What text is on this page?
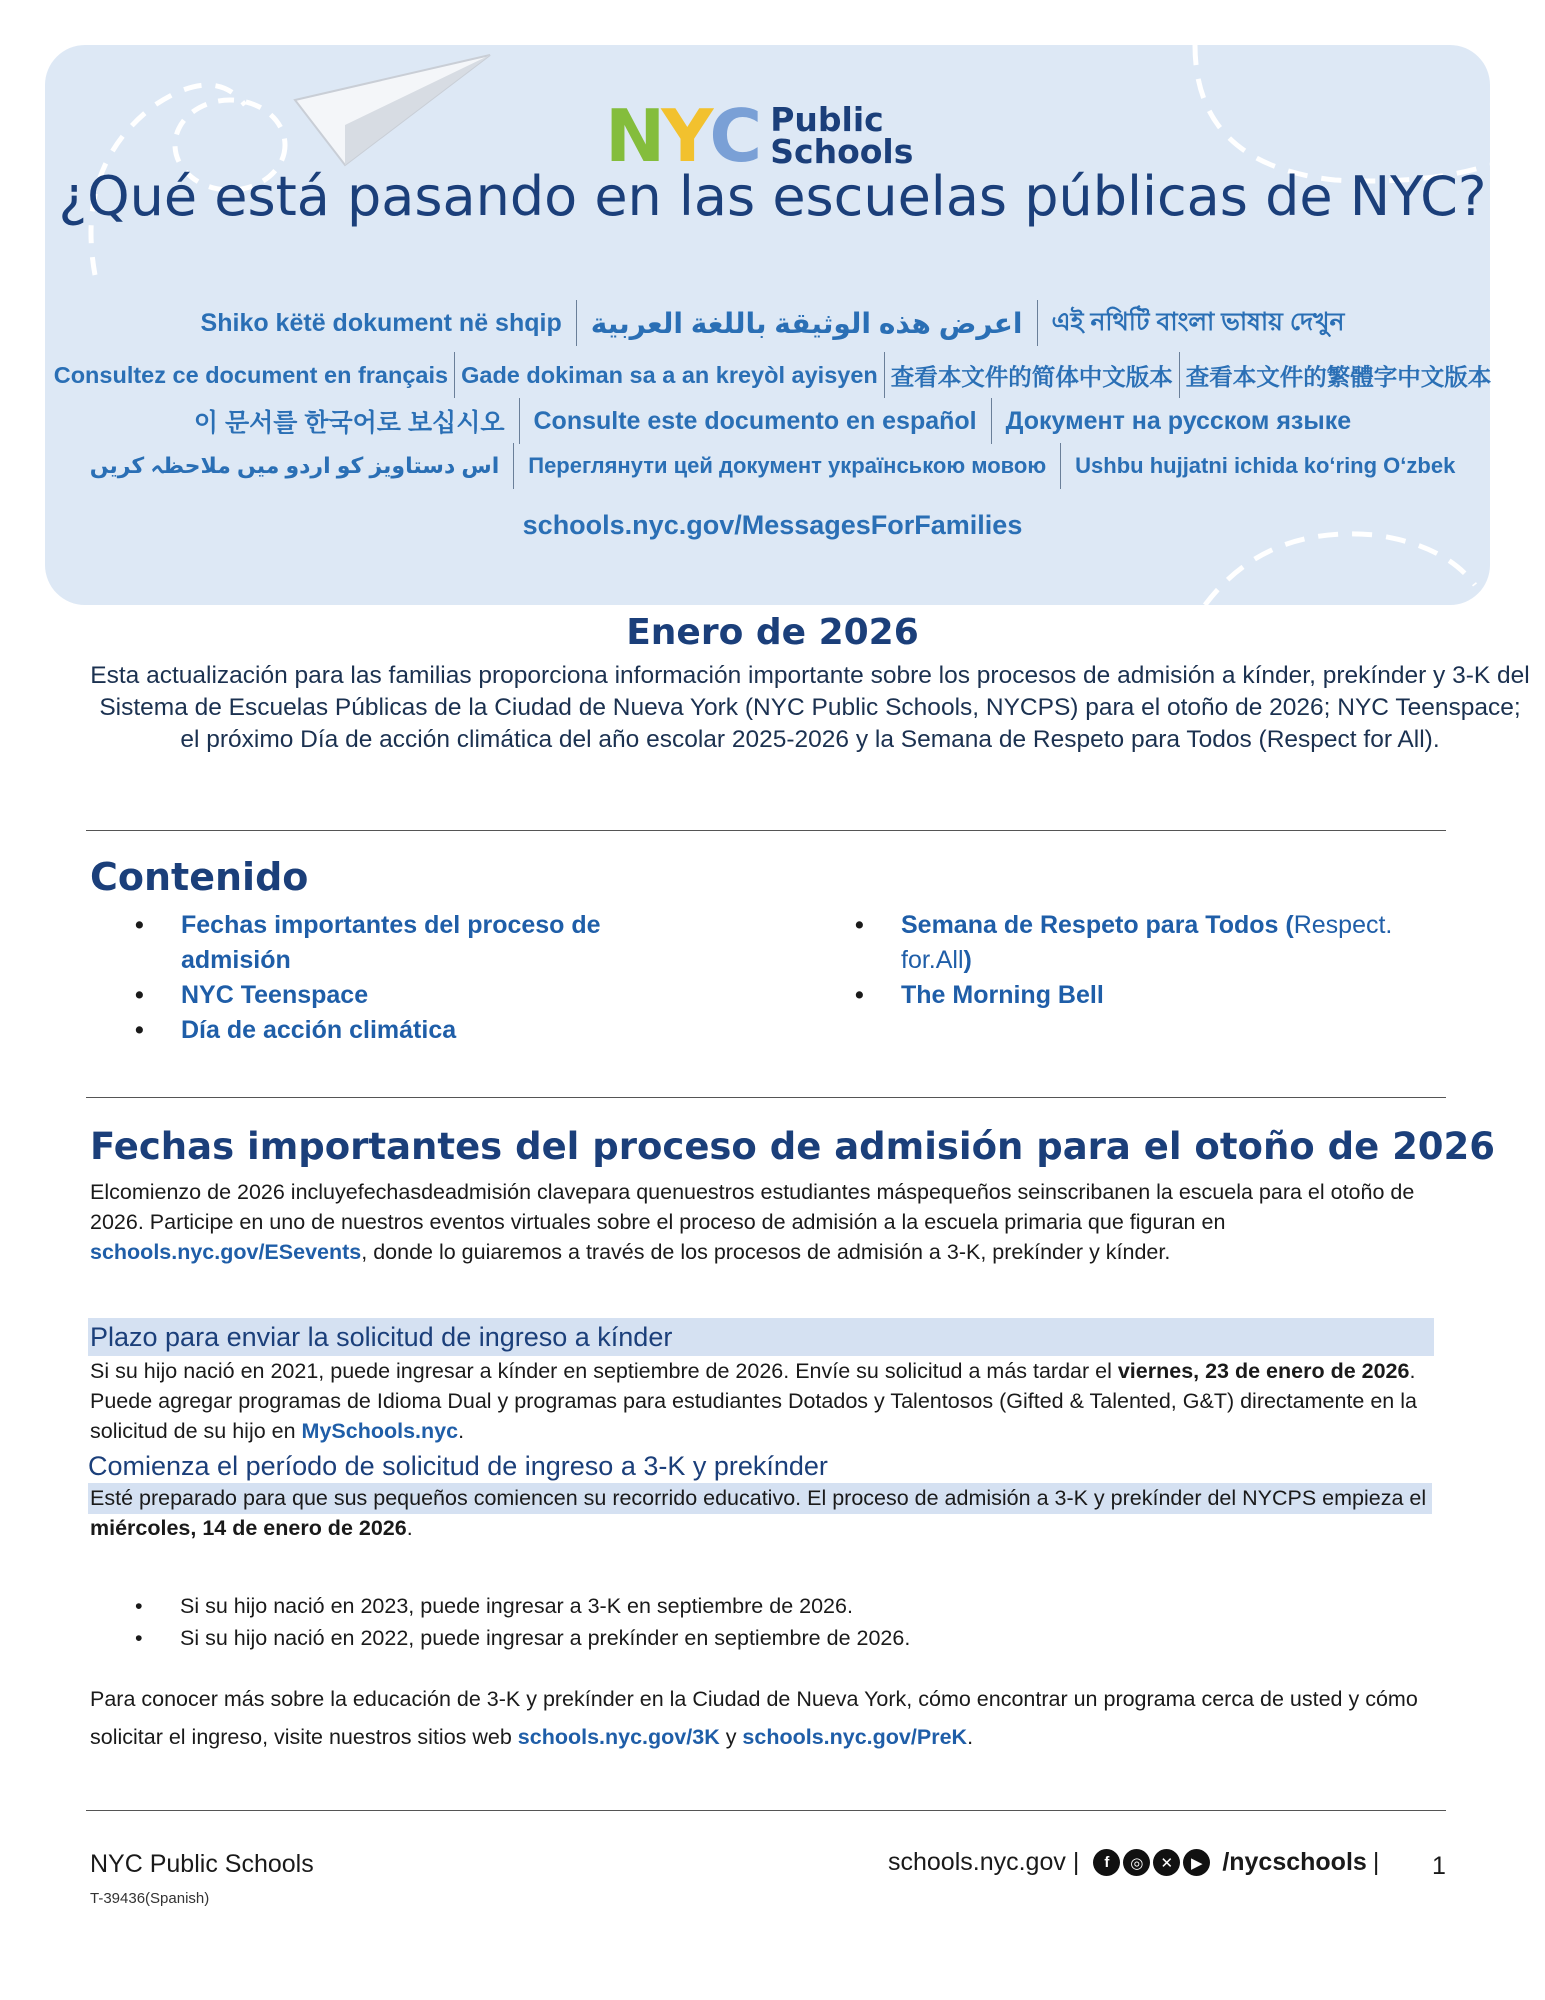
N Y C Public
Schools
¿Qué está pasando en las escuelas públicas de NYC?
Shiko këtë dokument në shqip	اعرض هذه الوثيقة باللغة العربية	এই নথিটি বাংলা ভাষায় দেখুন
Consultez ce document en français Gade dokiman sa a an kreyòl ayisyen 查看本文件的简体中文版本 查看本文件的繁體字中文版本
이 문서를 한국어로 보십시오	Consulte este documento en español	Документ на русском языке
اس دستاویز کو اردو میں ملاحظہ کریں	Переглянути цей документ українською мовою	Ushbu hujjatni ichida ko‘ring O‘zbek
schools.nyc.gov/MessagesForFamilies
Enero de 2026
Esta actualización para las familias proporciona información importante sobre los procesos de admisión a kínder, prekínder y 3-K del Sistema de Escuelas Públicas de la Ciudad de Nueva York (NYC Public Schools, NYCPS) para el otoño de 2026; NYC Teenspace; el próximo Día de acción climática del año escolar 2025-2026 y la Semana de Respeto para Todos (Respect for All).
Contenido
• Fechas importantes del proceso de admisión
• NYC Teenspace
• Día de acción climática
• Semana de Respeto para Todos (Respect. for.All)
• The Morning Bell
Fechas importantes del proceso de admisión para el otoño de 2026
Elcomienzo de 2026 incluyefechasdeadmisión clavepara quenuestros estudiantes máspequeños seinscribanen la escuela para el otoño de 2026. Participe en uno de nuestros eventos virtuales sobre el proceso de admisión a la escuela primaria que figuran en schools.nyc.gov/ESevents, donde lo guiaremos a través de los procesos de admisión a 3-K, prekínder y kínder.
Plazo para enviar la solicitud de ingreso a kínder
Si su hijo nació en 2021, puede ingresar a kínder en septiembre de 2026. Envíe su solicitud a más tardar el viernes, 23 de enero de 2026. Puede agregar programas de Idioma Dual y programas para estudiantes Dotados y Talentosos (Gifted & Talented, G&T) directamente en la solicitud de su hijo en MySchools.nyc.
Comienza el período de solicitud de ingreso a 3-K y prekínder
Esté preparado para que sus pequeños comiencen su recorrido educativo. El proceso de admisión a 3-K y prekínder del NYCPS empieza el miércoles, 14 de enero de 2026.
• Si su hijo nació en 2023, puede ingresar a 3-K en septiembre de 2026.
• Si su hijo nació en 2022, puede ingresar a prekínder en septiembre de 2026.
Para conocer más sobre la educación de 3-K y prekínder en la Ciudad de Nueva York, cómo encontrar un programa cerca de usted y cómo solicitar el ingreso, visite nuestros sitios web schools.nyc.gov/3K y schools.nyc.gov/PreK.
NYC Public Schools
T-39436(Spanish)
schools.nyc.gov |	f	◎	✕	▶ /nycschools | 1
